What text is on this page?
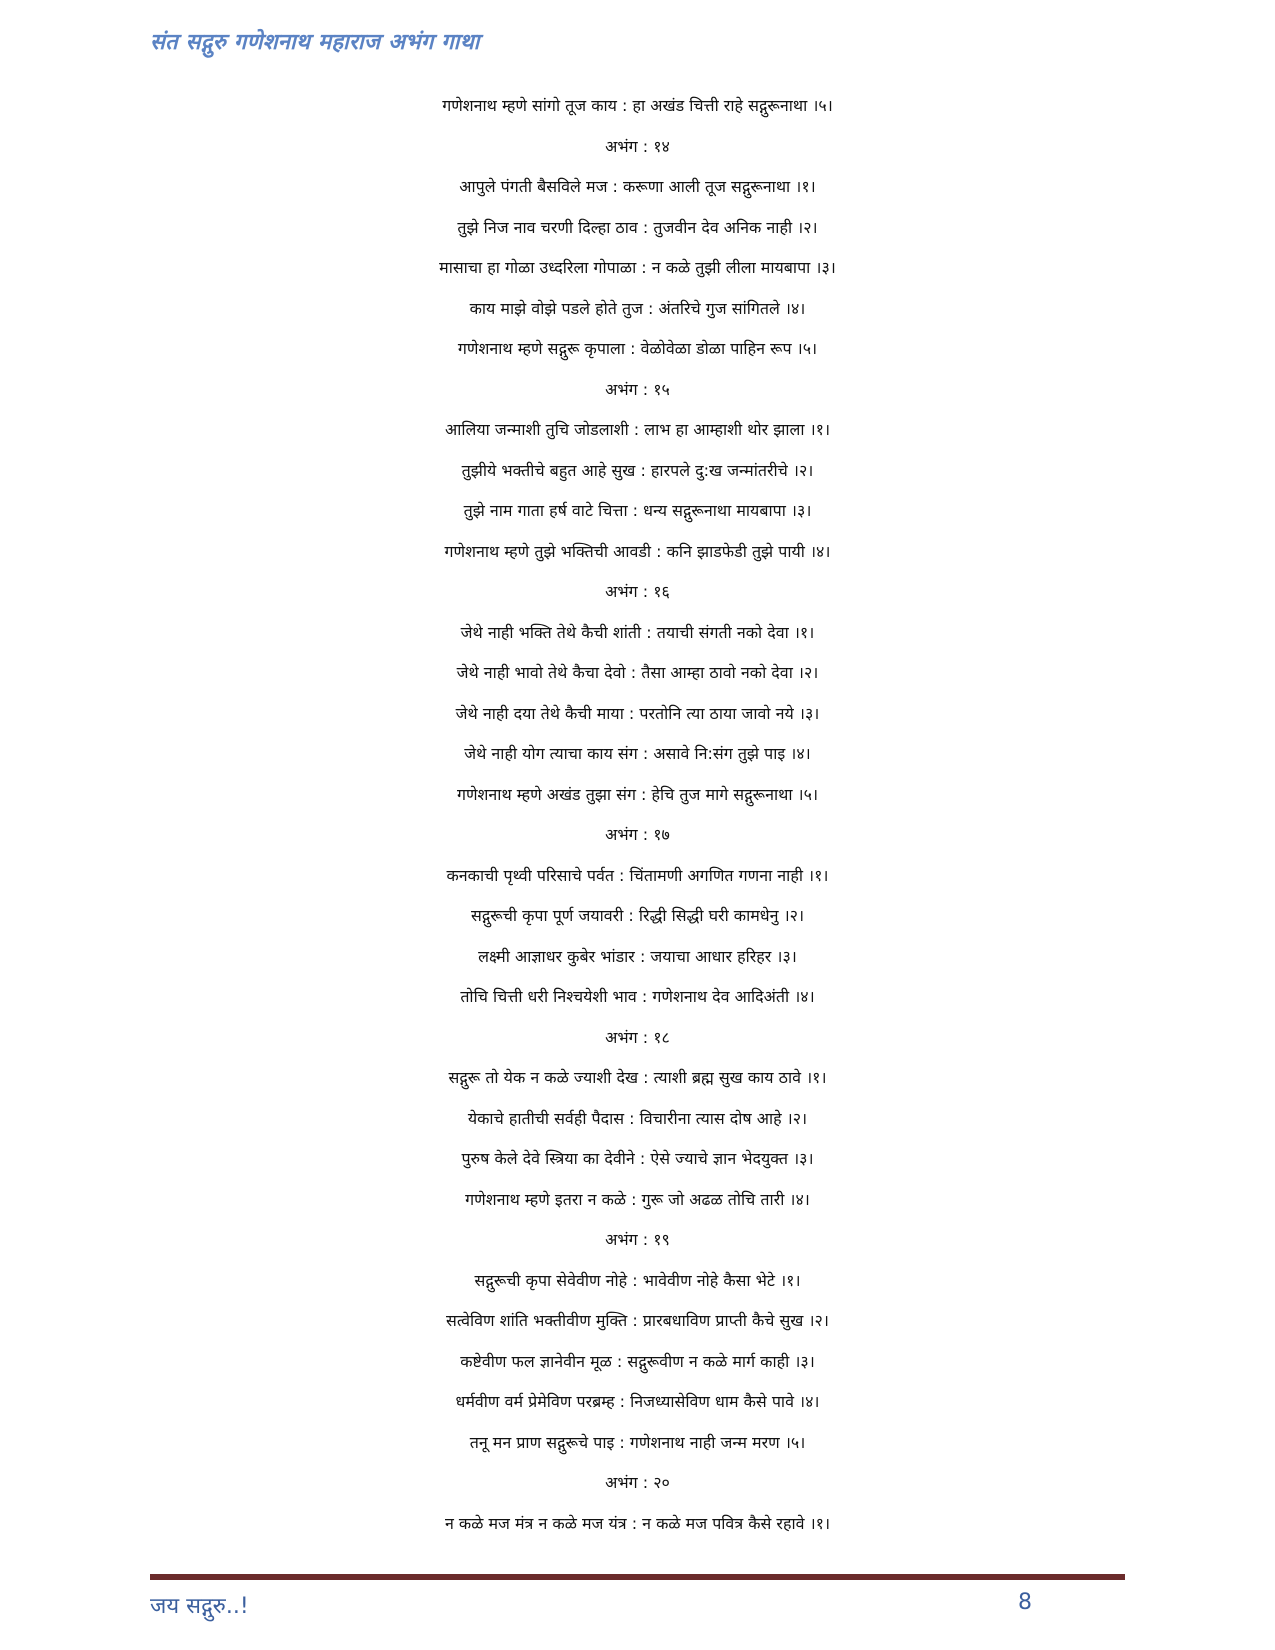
संत सद्गुरु गणेशनाथ महाराज अभंग गाथा
गणेशनाथ म्हणे सांगो तूज काय : हा अखंड चित्ती राहे सद्गुरूनाथा ।५।
अभंग : १४
आपुले पंगती बैसविले मज : करूणा आली तूज सद्गुरूनाथा ।१।
तुझे निज नाव चरणी दिल्हा ठाव : तुजवीन देव अनिक नाही ।२।
मासाचा हा गोळा उध्दरिला गोपाळा : न कळे तुझी लीला मायबापा ।३।
काय माझे वोझे पडले होते तुज : अंतरिचे गुज सांगितले ।४।
गणेशनाथ म्हणे सद्गुरू कृपाला : वेळोवेळा डोळा पाहिन रूप ।५।
अभंग : १५
आलिया जन्माशी तुचि जोडलाशी : लाभ हा आम्हाशी थोर झाला ।१।
तुझीये भक्तीचे बहुत आहे सुख : हारपले दु:ख जन्मांतरीचे ।२।
तुझे नाम गाता हर्ष वाटे चित्ता : धन्य सद्गुरूनाथा मायबापा ।३।
गणेशनाथ म्हणे तुझे भक्तिची आवडी : कनि झाडफेडी तुझे पायी ।४।
अभंग : १६
जेथे नाही भक्ति तेथे कैची शांती : तयाची संगती नको देवा ।१।
जेथे नाही भावो तेथे कैचा देवो : तैसा आम्हा ठावो नको देवा ।२।
जेथे नाही दया तेथे कैची माया : परतोनि त्या ठाया जावो नये ।३।
जेथे नाही योग त्याचा काय संग : असावे नि:संग तुझे पाइ ।४।
गणेशनाथ म्हणे अखंड तुझा संग : हेचि तुज मागे सद्गुरूनाथा ।५।
अभंग : १७
कनकाची पृथ्वी परिसाचे पर्वत : चिंतामणी अगणित गणना नाही ।१।
सद्गुरूची कृपा पूर्ण जयावरी : रिद्धी सिद्धी घरी कामधेनु ।२।
लक्ष्मी आज्ञाधर कुबेर भांडार : जयाचा आधार हरिहर ।३।
तोचि चित्ती धरी निश्चयेशी भाव : गणेशनाथ देव आदिअंती ।४।
अभंग : १८
सद्गुरू तो येक न कळे ज्याशी देख : त्याशी ब्रह्म सुख काय ठावे ।१।
येकाचे हातीची सर्वही पैदास : विचारीना त्यास दोष आहे ।२।
पुरुष केले देवे स्त्रिया का देवीने : ऐसे ज्याचे ज्ञान भेदयुक्त ।३।
गणेशनाथ म्हणे इतरा न कळे : गुरू जो अढळ तोचि तारी ।४।
अभंग : १९
सद्गुरूची कृपा सेवेवीण नोहे : भावेवीण नोहे कैसा भेटे ।१।
सत्वेविण शांति भक्तीवीण मुक्ति : प्रारबधाविण प्राप्ती कैचे सुख ।२।
कष्टेवीण फल ज्ञानेवीन मूळ : सद्गुरूवीण न कळे मार्ग काही ।३।
धर्मवीण वर्म प्रेमेविण परब्रम्ह : निजध्यासेविण धाम कैसे पावे ।४।
तनू मन प्राण सद्गुरूचे पाइ : गणेशनाथ नाही जन्म मरण ।५।
अभंग : २०
न कळे मज मंत्र न कळे मज यंत्र : न कळे मज पवित्र कैसे रहावे ।१।
जय सद्गुरु..!	8
